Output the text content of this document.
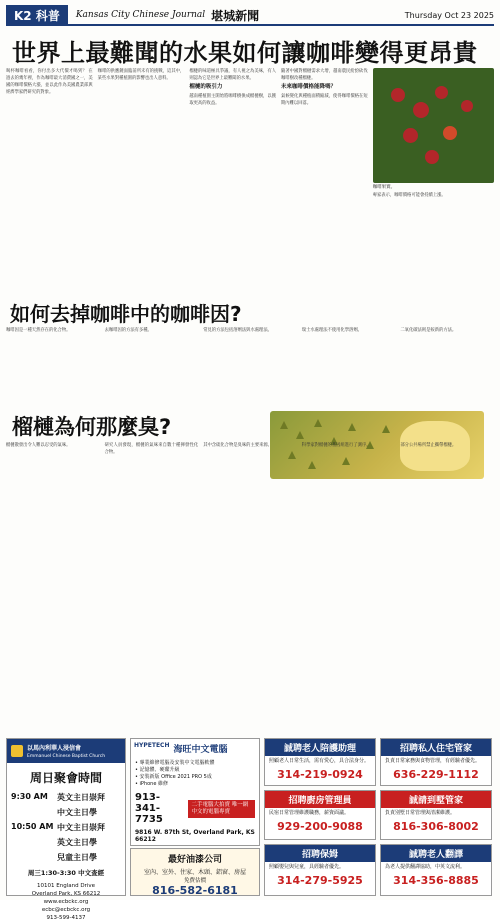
K2 科普	Kansas City Chinese Journal 堪城新聞	Thursday Oct 23 2025
世界上最難聞的水果如何讓咖啡變得更昂貴
喝杯咖啡看看，你付出多大代價才喝到？ 在過去的幾年裡，作為咖啡最大消費國之一，美國的咖啡價格大漲，並以此作為美國農業部與經濟學家們研究的對象。
咖啡的供應鏈面臨前所未有的挑戰，這其中，某些水果對種植園的影響也出人意料。
榴槤的味道極具爭議，有人視之為美味，有人則認為它是世界上最難聞的水果。
榴槤的吸引力
越南種植園主開始將咖啡樹換成榴槤樹，以獲取更高的收益。
隨著中國對榴槤需求大增，越南農民紛紛砍伐咖啡樹改種榴槤。
未來咖啡價格能降嗎？
氣候變化與種植面積縮減，使得咖啡價格在短期內難以回落。
咖啡果實。
專家表示，咖啡價格可能會持續上漲。
如何去掉咖啡中的咖啡因?
咖啡因是一種天然存在的化合物。	去咖啡因的方法有多種。	常見的方法包括溶劑法與水處理法。	瑞士水處理法不使用化學溶劑。	二氧化碳法則是較新的方法。
榴槤為何那麼臭?
榴槤散發出令人難以忍受的氣味。	研究人員發現，榴槤的氣味來自數十種揮發性化合物。
其中含硫化合物是臭味的主要來源。	科學家對榴槤的基因組進行了測序。	部分公共場所禁止攜帶榴槤。
以馬內利華人浸信會
Emmanuel Chinese Baptist Church
周日聚會時間
9:30 AM	英文主日崇拜
中文主日學
10:50 AM 中文主日崇拜
英文主日學
兒童主日學
周三1:30-3:30 中文查經
10101 England Drive
Overland Park, KS 66212
www.ecbckc.org
ecbc@ecbckc.org
913-599-4137
HYPETECH 海旺中文電腦
• 專業維修電腦及安裝中文電腦軟體
• 記憶體、硬碟升級
• 安裝新版 Office 2021 PRO 5成
• iPhone 維修
913-341-7735
二手電腦大拍賣 唯一網中文的電腦專賣
9816 W. 87th St, Overland Park, KS 66212
最好油漆公司
室內、室外、住家、木頭、鋁窗、房屋
免費估價
816-582-6181
誠聘老人陪護助理
照顧老人日常生活，需有愛心，具合法身分。
314-219-0924
招聘私人住宅管家
負責日常家務與食物管理，有經驗者優先。
636-229-1112
招聘廚房管理員
民宿日常管理維護職務，薪資面議。
929-200-9088
誠請到墅管家
負責別墅日常管理與清潔維護。
816-306-8002
招聘保姆
照顧嬰兒與兒童，具經驗者優先。
314-279-5925
誠聘老人翻譯
為老人提供翻譯協助，中英文流利。
314-356-8885
